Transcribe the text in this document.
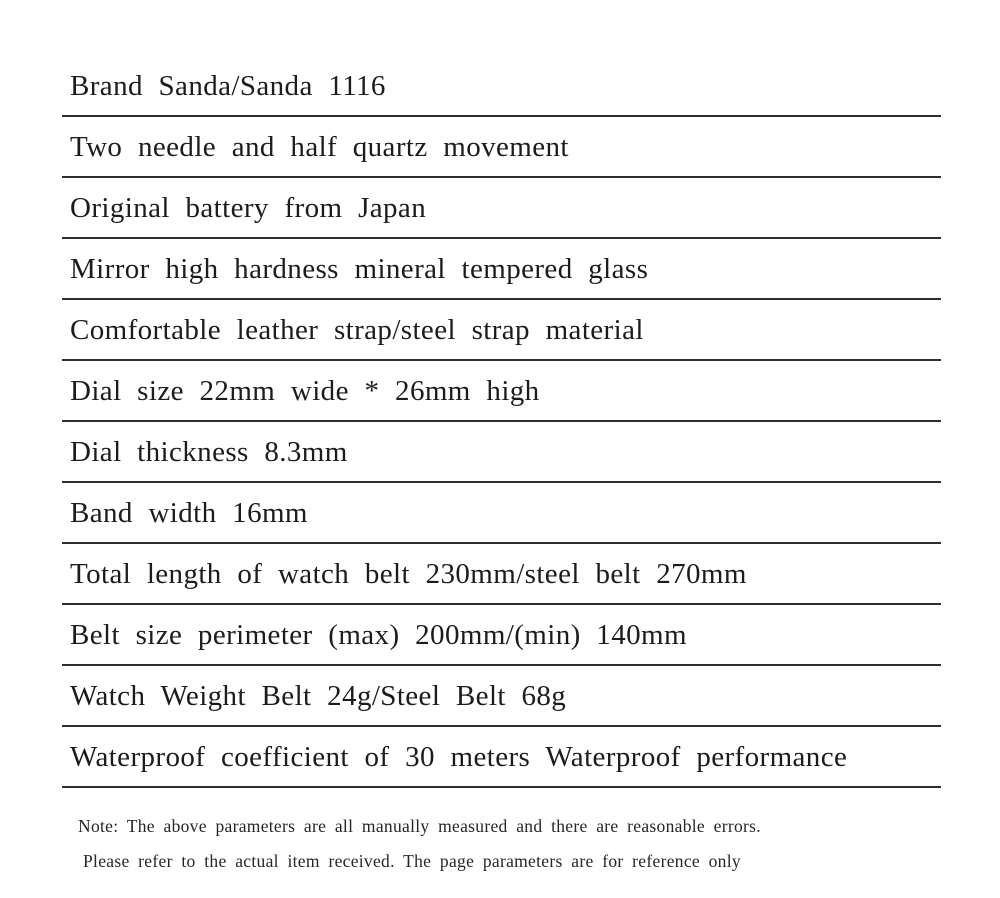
Brand Sanda/Sanda 1116
Two needle and half quartz movement
Original battery from Japan
Mirror high hardness mineral tempered glass
Comfortable leather strap/steel strap material
Dial size 22mm wide * 26mm high
Dial thickness 8.3mm
Band width 16mm
Total length of watch belt 230mm/steel belt 270mm
Belt size perimeter (max) 200mm/(min) 140mm
Watch Weight Belt 24g/Steel Belt 68g
Waterproof coefficient of 30 meters Waterproof performance
Note: The above parameters are all manually measured and there are reasonable errors.
Please refer to the actual item received. The page parameters are for reference only
